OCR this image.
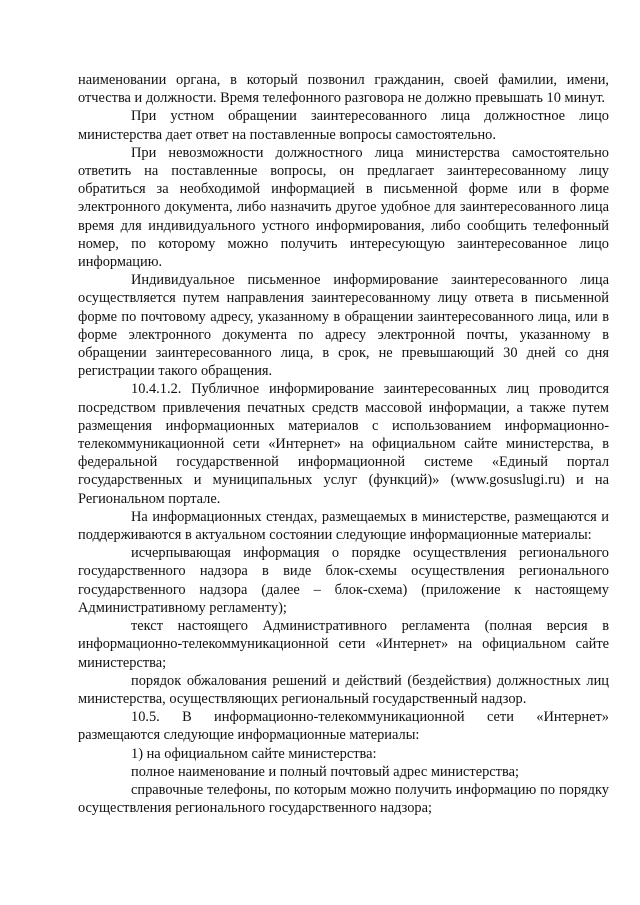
наименовании органа, в который позвонил гражданин, своей фамилии, имени, отчества и должности. Время телефонного разговора не должно превышать 10 минут.

При устном обращении заинтересованного лица должностное лицо министерства дает ответ на поставленные вопросы самостоятельно.

При невозможности должностного лица министерства самостоятельно ответить на поставленные вопросы, он предлагает заинтересованному лицу обратиться за необходимой информацией в письменной форме или в форме электронного документа, либо назначить другое удобное для заинтересованного лица время для индивидуального устного информирования, либо сообщить телефонный номер, по которому можно получить интересующую заинтересованное лицо информацию.

Индивидуальное письменное информирование заинтересованного лица осуществляется путем направления заинтересованному лицу ответа в письменной форме по почтовому адресу, указанному в обращении заинтересованного лица, или в форме электронного документа по адресу электронной почты, указанному в обращении заинтересованного лица, в срок, не превышающий 30 дней со дня регистрации такого обращения.

10.4.1.2. Публичное информирование заинтересованных лиц проводится посредством привлечения печатных средств массовой информации, а также путем размещения информационных материалов с использованием информационно-телекоммуникационной сети «Интернет» на официальном сайте министерства, в федеральной государственной информационной системе «Единый портал государственных и муниципальных услуг (функций)» (www.gosuslugi.ru) и на Региональном портале.

На информационных стендах, размещаемых в министерстве, размещаются и поддерживаются в актуальном состоянии следующие информационные материалы:

исчерпывающая информация о порядке осуществления регионального государственного надзора в виде блок-схемы осуществления регионального государственного надзора (далее – блок-схема) (приложение к настоящему Административному регламенту);

текст настоящего Административного регламента (полная версия в информационно-телекоммуникационной сети «Интернет» на официальном сайте министерства;

порядок обжалования решений и действий (бездействия) должностных лиц министерства, осуществляющих региональный государственный надзор.

10.5. В информационно-телекоммуникационной сети «Интернет» размещаются следующие информационные материалы:

1) на официальном сайте министерства:

полное наименование и полный почтовый адрес министерства;

справочные телефоны, по которым можно получить информацию по порядку осуществления регионального государственного надзора;
